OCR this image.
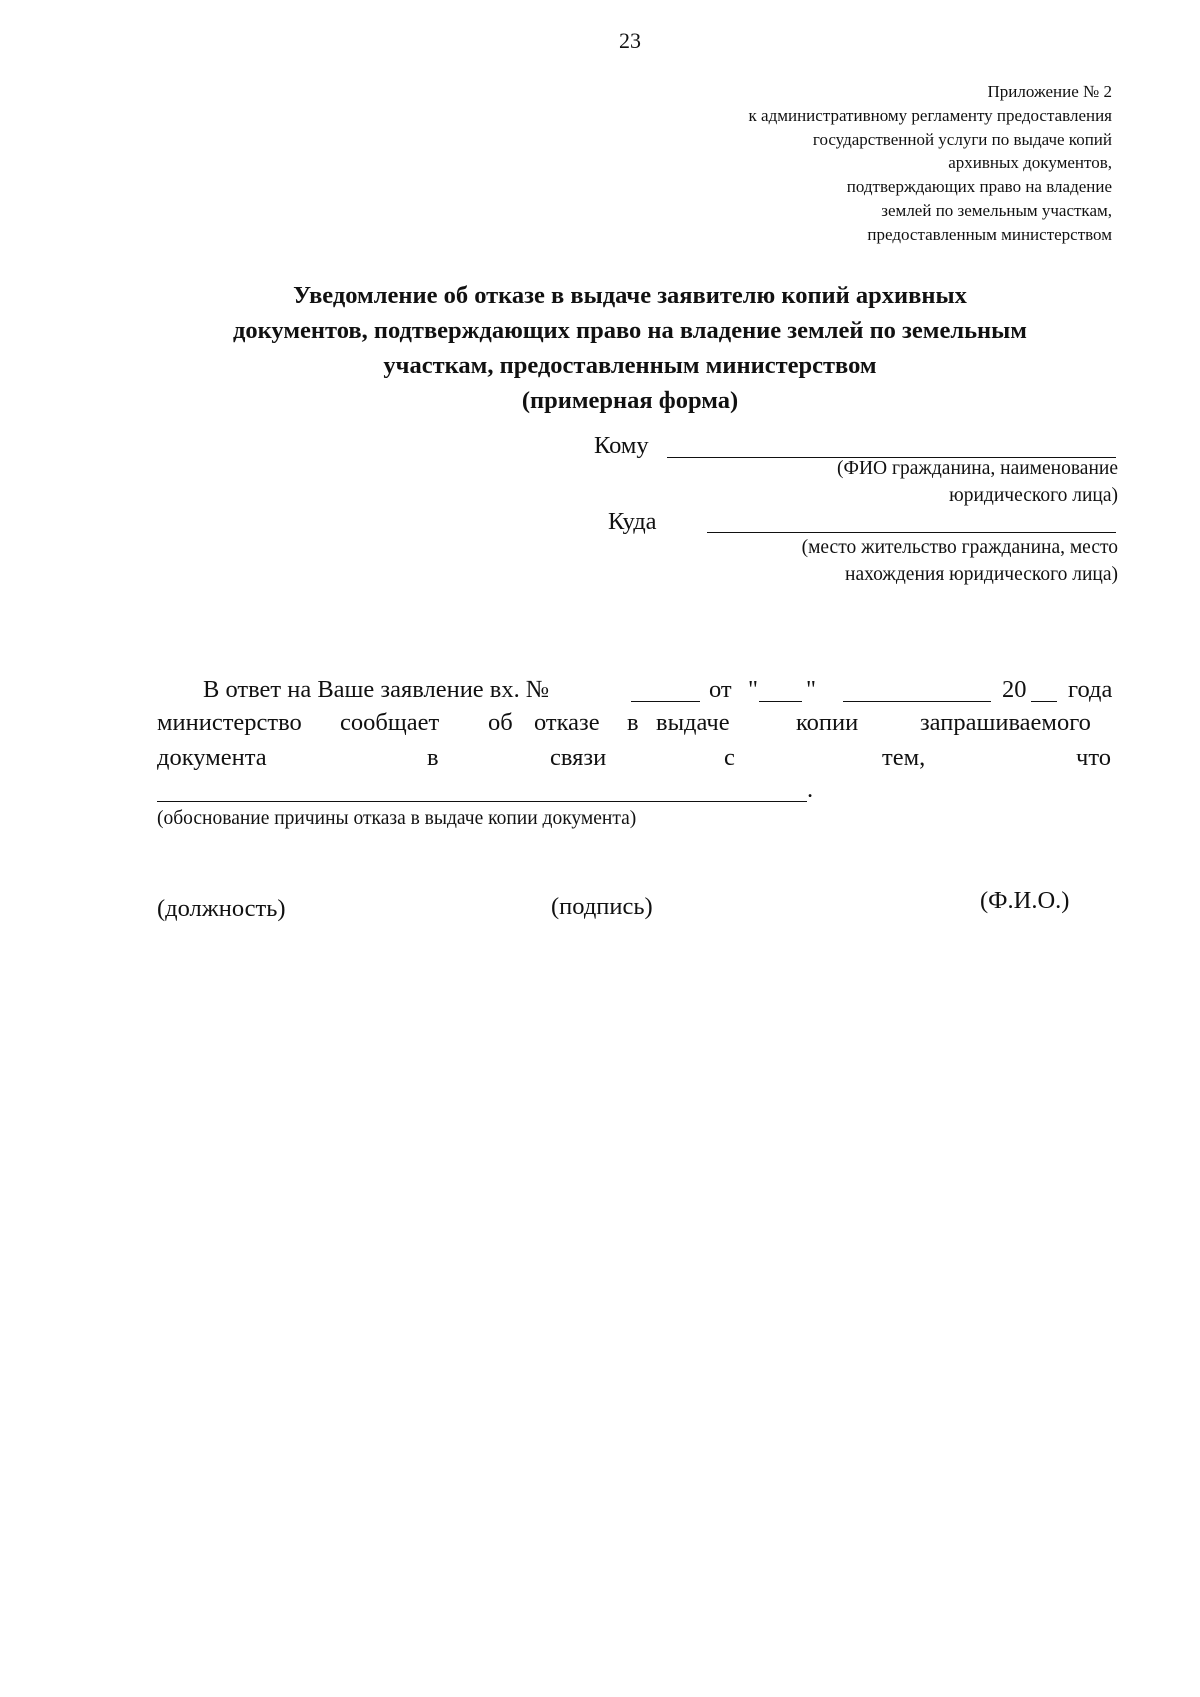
23
Приложение № 2
к административному регламенту предоставления
государственной услуги по выдаче копий
архивных документов,
подтверждающих право на владение
землей по земельным участкам,
предоставленным министерством
Уведомление об отказе в выдаче заявителю копий архивных
документов, подтверждающих право на владение землей по земельным
участкам, предоставленным министерством
(примерная форма)
Кому
(ФИО гражданина, наименование
юридического лица)
Куда
(место жительство гражданина, место
нахождения юридического лица)
В ответ на Ваше заявление вх. №	от " "	20 года
министерство сообщает об отказе в выдаче	копии	запрашиваемого
документа	в	связи	с	тем,	что
.
(обоснование причины отказа в выдаче копии документа)
(должность)	(подпись)	(Ф.И.О.)
